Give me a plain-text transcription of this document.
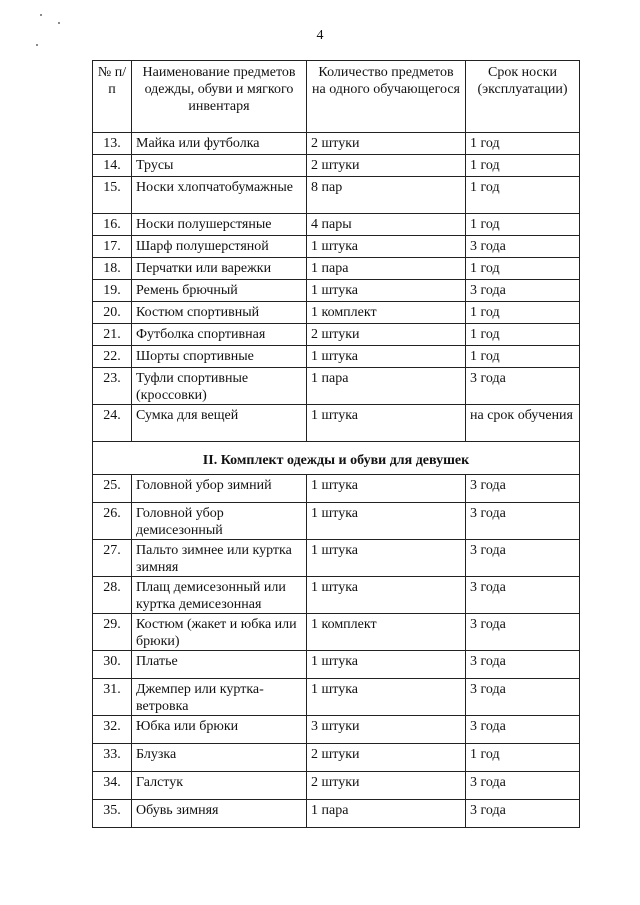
4
№ п/п	Наименование предметов одежды, обуви и мягкого инвентаря	Количество предметов на одного обучающегося	Срок носки (эксплуатации)
13.	Майка или футболка	2 штуки	1 год
14.	Трусы	2 штуки	1 год
15.	Носки хлопчатобумажные	8 пар	1 год
16.	Носки полушерстяные	4 пары	1 год
17.	Шарф полушерстяной	1 штука	3 года
18.	Перчатки или варежки	1 пара	1 год
19.	Ремень брючный	1 штука	3 года
20.	Костюм спортивный	1 комплект	1 год
21.	Футболка спортивная	2 штуки	1 год
22.	Шорты спортивные	1 штука	1 год
23.	Туфли спортивные (кроссовки)	1 пара	3 года
24.	Сумка для вещей	1 штука	на срок обучения
II. Комплект одежды и обуви для девушек			
25.	Головной убор зимний	1 штука	3 года
26.	Головной убор демисезонный	1 штука	3 года
27.	Пальто зимнее или куртка зимняя	1 штука	3 года
28.	Плащ демисезонный или куртка демисезонная	1 штука	3 года
29.	Костюм (жакет и юбка или брюки)	1 комплект	3 года
30.	Платье	1 штука	3 года
31.	Джемпер или куртка-ветровка	1 штука	3 года
32.	Юбка или брюки	3 штуки	3 года
33.	Блузка	2 штуки	1 год
34.	Галстук	2 штуки	3 года
35.	Обувь зимняя	1 пара	3 года
